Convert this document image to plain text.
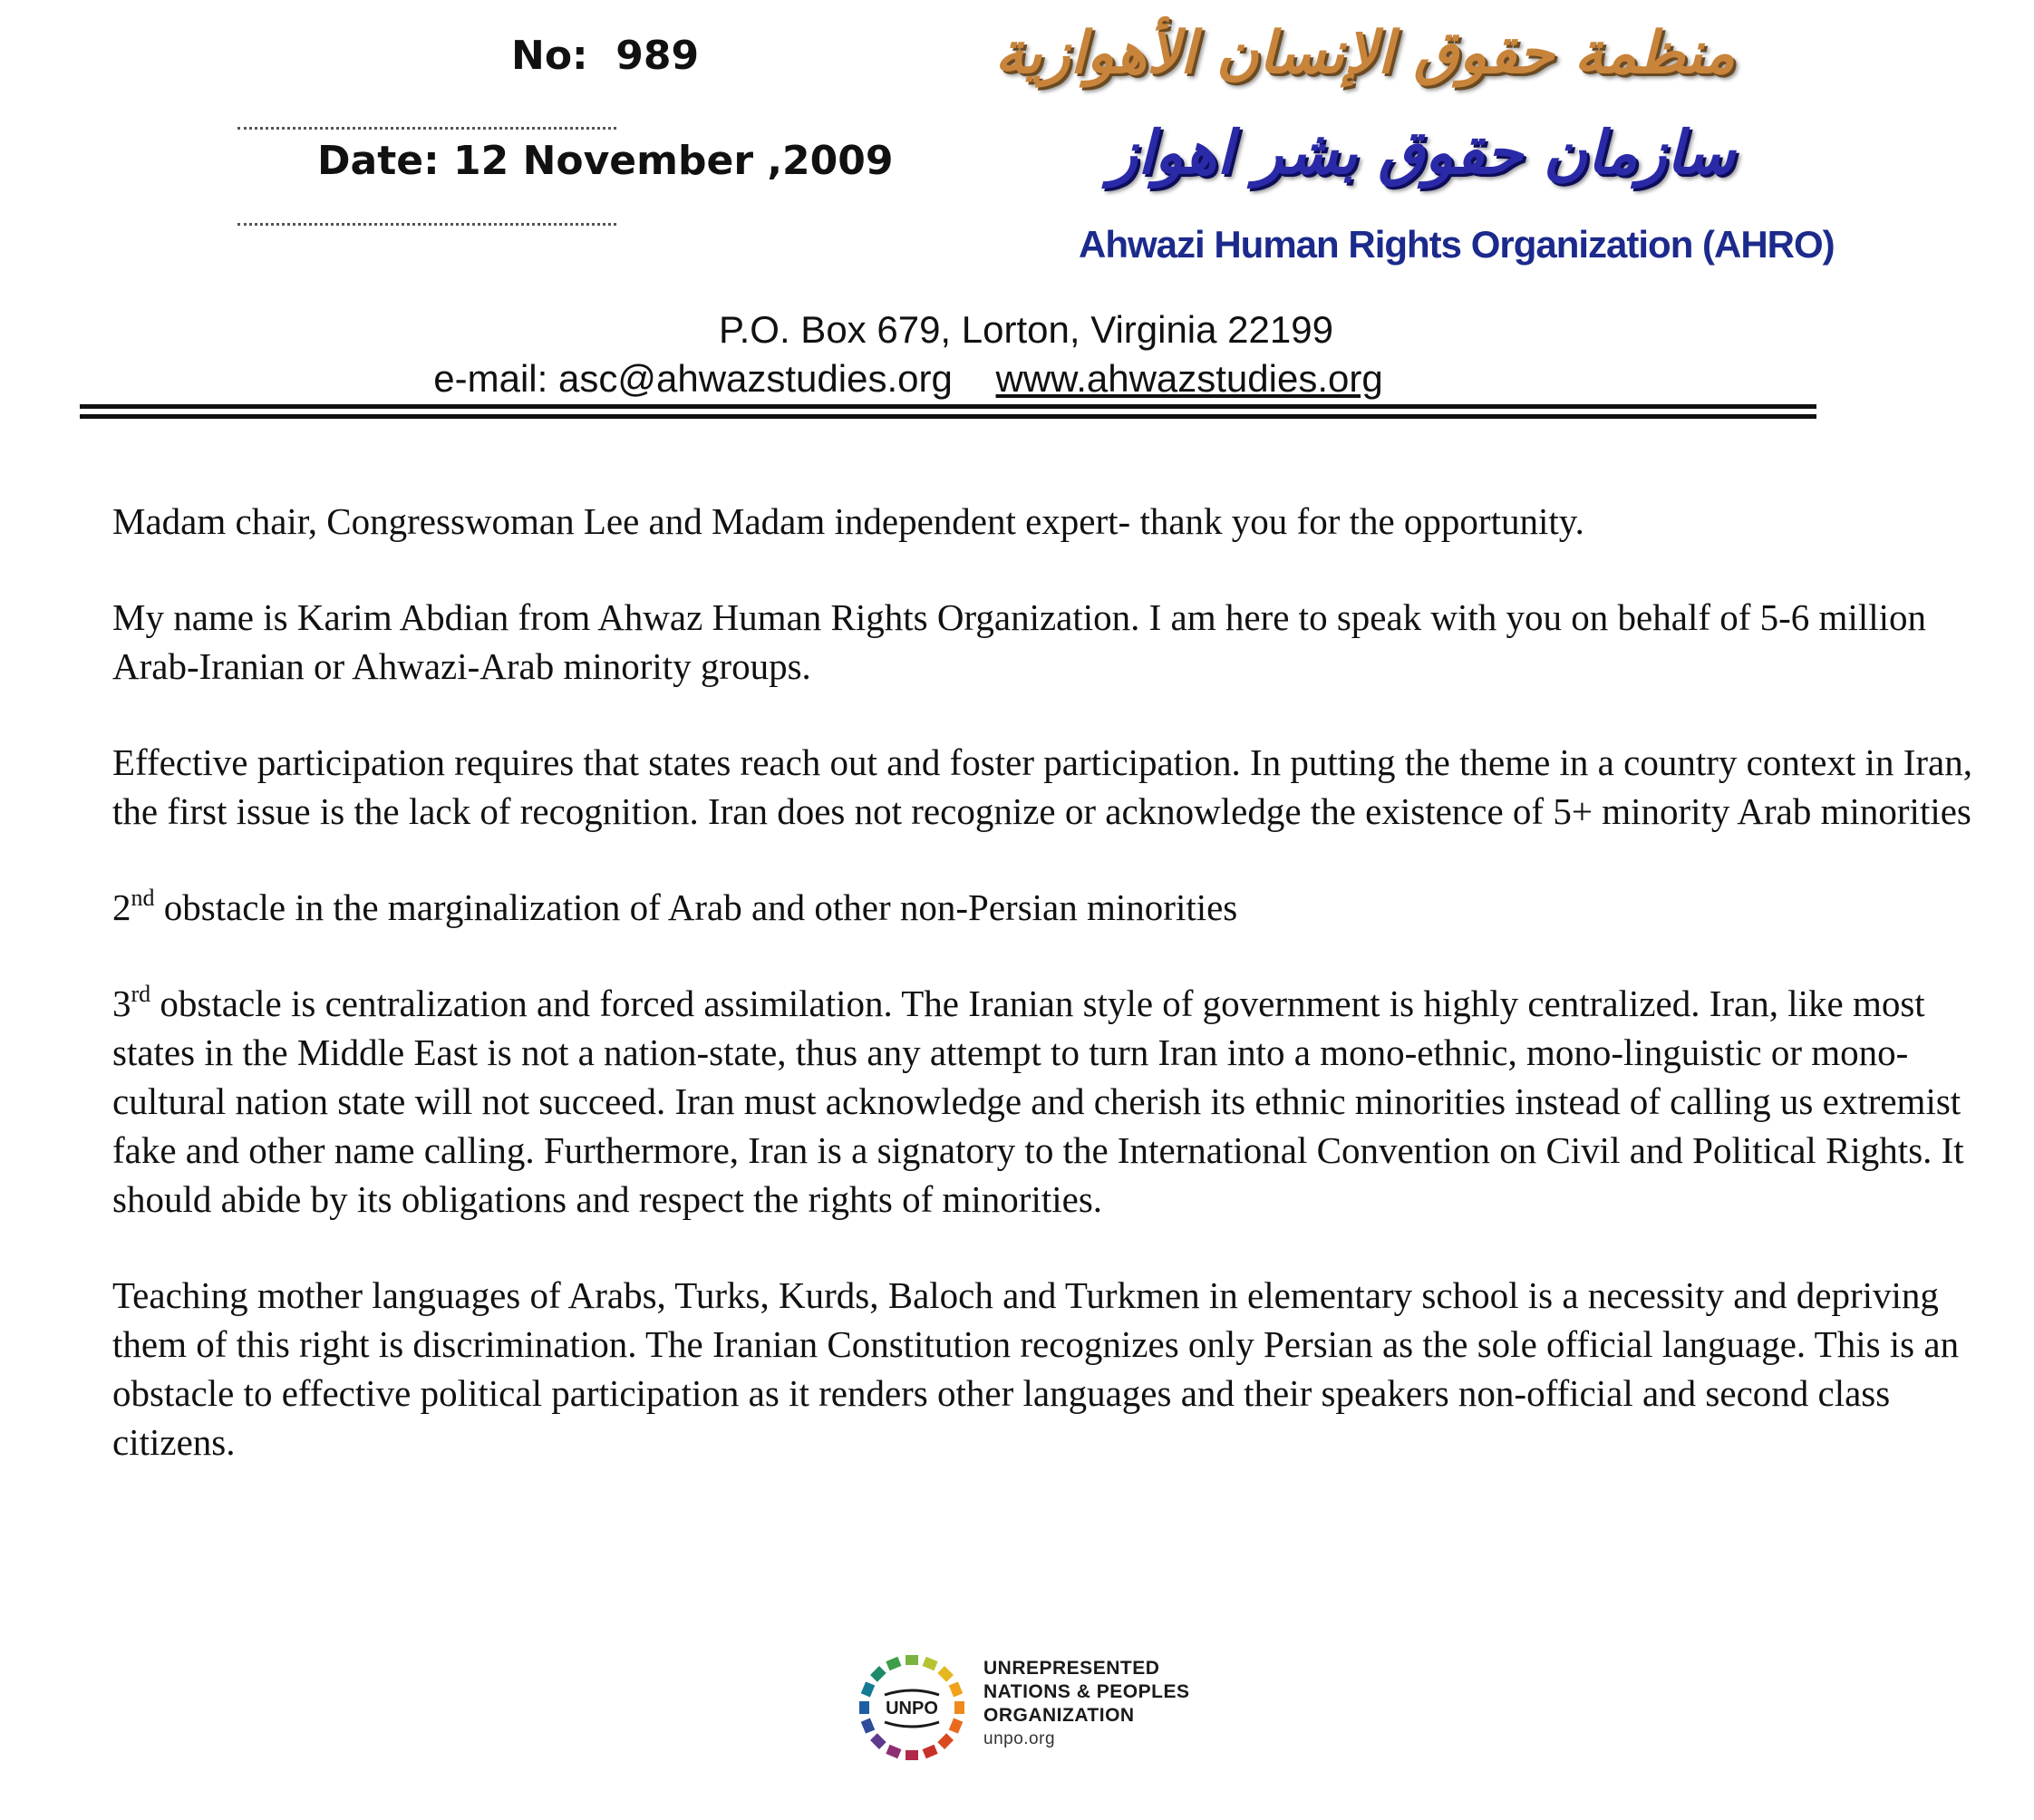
No: 989
Date: 12 November ,2009
منظمة حقوق الإنسان الأهوازية
سازمان حقوق بشر اهواز
Ahwazi Human Rights Organization (AHRO)
P.O. Box 679, Lorton, Virginia 22199
e-mail: asc@ahwazstudies.org www.ahwazstudies.org

Madam chair, Congresswoman Lee and Madam independent expert- thank you for the opportunity.

My name is Karim Abdian from Ahwaz Human Rights Organization. I am here to speak with you on behalf of 5-6 million Arab-Iranian or Ahwazi-Arab minority groups.

Effective participation requires that states reach out and foster participation. In putting the theme in a country context in Iran, the first issue is the lack of recognition. Iran does not recognize or acknowledge the existence of 5+ minority Arab minorities

2nd obstacle in the marginalization of Arab and other non-Persian minorities

3rd obstacle is centralization and forced assimilation. The Iranian style of government is highly centralized. Iran, like most states in the Middle East is not a nation-state, thus any attempt to turn Iran into a mono-ethnic, mono-linguistic or mono-cultural nation state will not succeed. Iran must acknowledge and cherish its ethnic minorities instead of calling us extremist fake and other name calling. Furthermore, Iran is a signatory to the International Convention on Civil and Political Rights. It should abide by its obligations and respect the rights of minorities.

Teaching mother languages of Arabs, Turks, Kurds, Baloch and Turkmen in elementary school is a necessity and depriving them of this right is discrimination. The Iranian Constitution recognizes only Persian as the sole official language. This is an obstacle to effective political participation as it renders other languages and their speakers non-official and second class citizens.

UNPO
UNREPRESENTED
NATIONS & PEOPLES
ORGANIZATION
unpo.org
